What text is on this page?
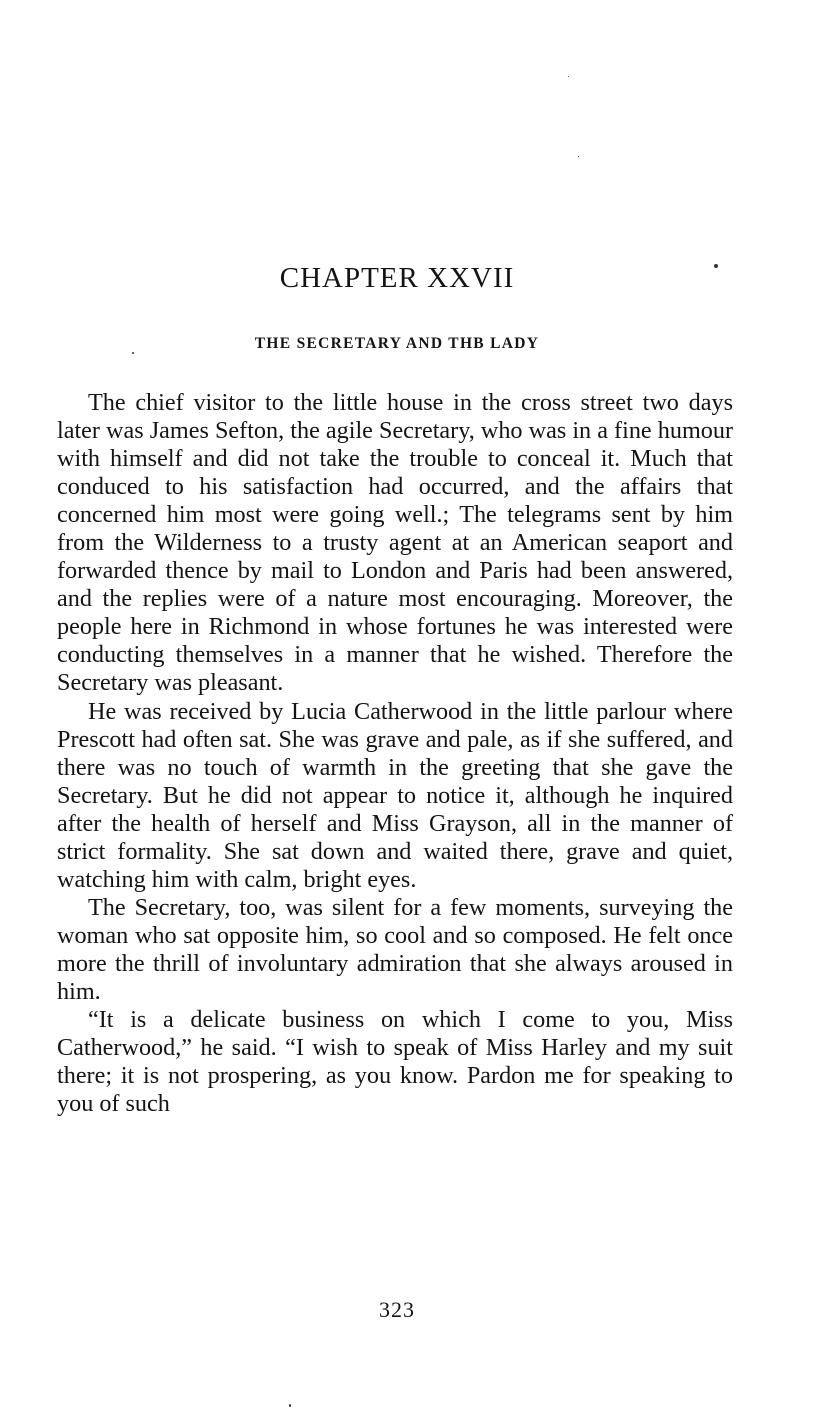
CHAPTER XXVII
THE SECRETARY AND THB LADY

The chief visitor to the little house in the cross street two days later was James Sefton, the agile Secretary, who was in a fine humour with himself and did not take the trouble to conceal it. Much that conduced to his satisfaction had occurred, and the affairs that concerned him most were going well.; The telegrams sent by him from the Wilderness to a trusty agent at an American seaport and forwarded thence by mail to London and Paris had been answered, and the replies were of a nature most encouraging. Moreover, the people here in Richmond in whose fortunes he was interested were conducting themselves in a manner that he wished. Therefore the Secretary was pleasant.

He was received by Lucia Catherwood in the little parlour where Prescott had often sat. She was grave and pale, as if she suffered, and there was no touch of warmth in the greeting that she gave the Secretary. But he did not appear to notice it, although he inquired after the health of herself and Miss Grayson, all in the manner of strict formality. She sat down and waited there, grave and quiet, watching him with calm, bright eyes.

The Secretary, too, was silent for a few moments, surveying the woman who sat opposite him, so cool and so composed. He felt once more the thrill of involuntary admiration that she always aroused in him.

“It is a delicate business on which I come to you, Miss Catherwood,” he said. “I wish to speak of Miss Harley and my suit there; it is not prospering, as you know. Pardon me for speaking to you of such

323
